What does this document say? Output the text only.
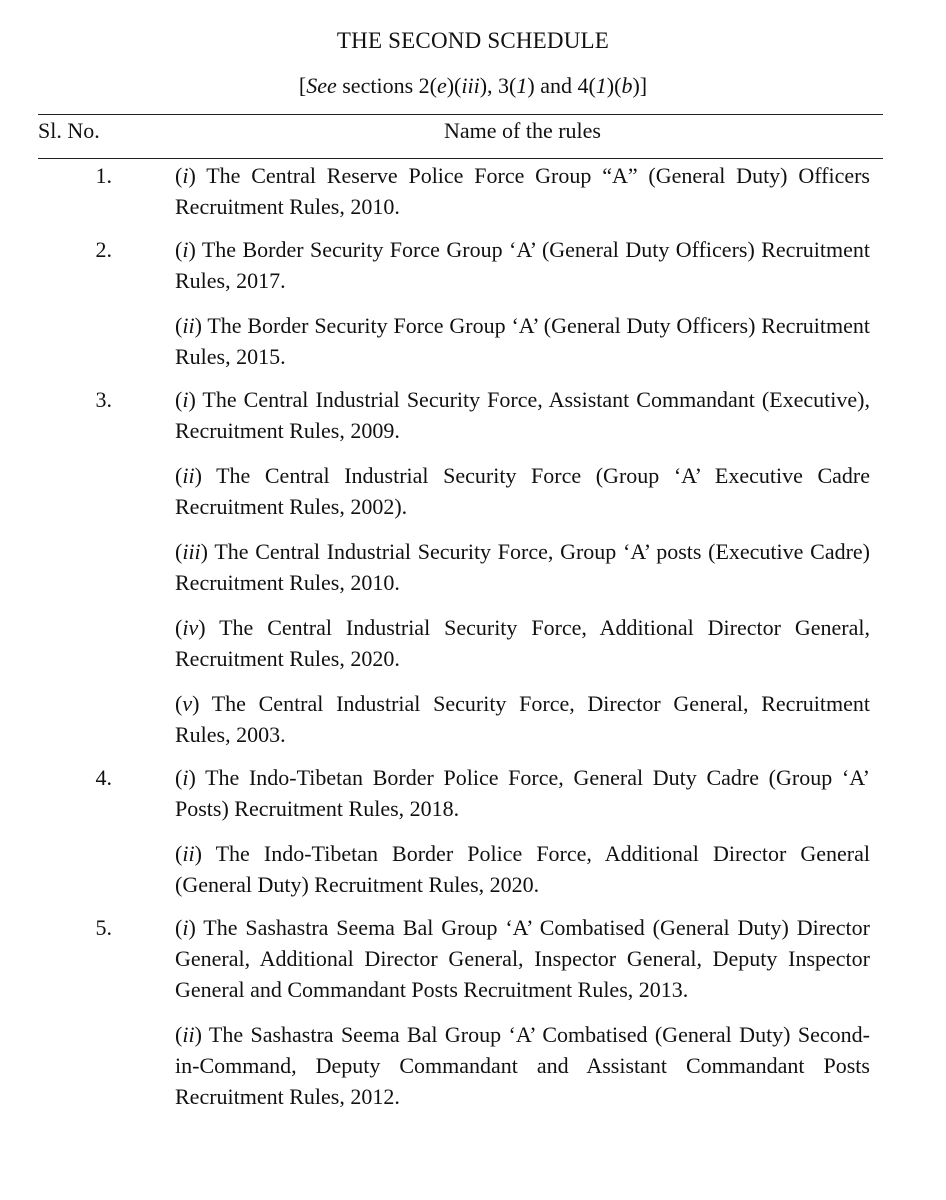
THE SECOND SCHEDULE
[See sections 2(e)(iii), 3(1) and 4(1)(b)]
Sl. No.	Name of the rules
1.	(i) The Central Reserve Police Force Group “A” (General Duty) Officers Recruitment Rules, 2010.
2.	(i) The Border Security Force Group ‘A’ (General Duty Officers) Recruitment Rules, 2017.
(ii) The Border Security Force Group ‘A’ (General Duty Officers) Recruitment Rules, 2015.
3.	(i) The Central Industrial Security Force, Assistant Commandant (Executive), Recruitment Rules, 2009.
(ii) The Central Industrial Security Force (Group ‘A’ Executive Cadre Recruitment Rules, 2002).
(iii) The Central Industrial Security Force, Group ‘A’ posts (Executive Cadre) Recruitment Rules, 2010.
(iv) The Central Industrial Security Force, Additional Director General, Recruitment Rules, 2020.
(v) The Central Industrial Security Force, Director General, Recruitment Rules, 2003.
4.	(i) The Indo-Tibetan Border Police Force, General Duty Cadre (Group ‘A’ Posts) Recruitment Rules, 2018.
(ii) The Indo-Tibetan Border Police Force, Additional Director General (General Duty) Recruitment Rules, 2020.
5.	(i) The Sashastra Seema Bal Group ‘A’ Combatised (General Duty) Director General, Additional Director General, Inspector General, Deputy Inspector General and Commandant Posts Recruitment Rules, 2013.
(ii) The Sashastra Seema Bal Group ‘A’ Combatised (General Duty) Second-in-Command, Deputy Commandant and Assistant Commandant Posts Recruitment Rules, 2012.
